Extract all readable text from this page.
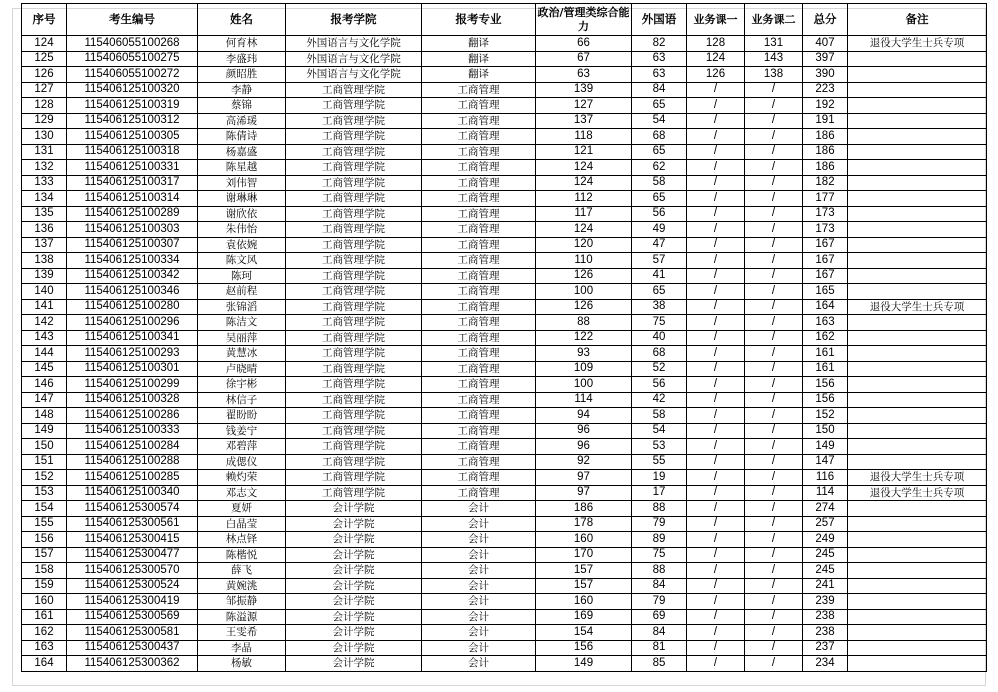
序号	考生编号	姓名	报考学院	报考专业	政治/管理类综合能力	外国语	业务课一	业务课二	总分	备注
124	115406055100268	何育林	外国语言与文化学院	翻译	66	82	128	131	407	退役大学生士兵专项
125	115406055100275	李盛玮	外国语言与文化学院	翻译	67	63	124	143	397	
126	115406055100272	颜昭胜	外国语言与文化学院	翻译	63	63	126	138	390	
127	115406125100320	李静	工商管理学院	工商管理	139	84	/	/	223	
128	115406125100319	蔡锦	工商管理学院	工商管理	127	65	/	/	192	
129	115406125100312	高浠瑗	工商管理学院	工商管理	137	54	/	/	191	
130	115406125100305	陈倩诗	工商管理学院	工商管理	118	68	/	/	186	
131	115406125100318	杨嘉盛	工商管理学院	工商管理	121	65	/	/	186	
132	115406125100331	陈星越	工商管理学院	工商管理	124	62	/	/	186	
133	115406125100317	刘伟智	工商管理学院	工商管理	124	58	/	/	182	
134	115406125100314	谢琳琳	工商管理学院	工商管理	112	65	/	/	177	
135	115406125100289	谢欣依	工商管理学院	工商管理	117	56	/	/	173	
136	115406125100303	朱伟怡	工商管理学院	工商管理	124	49	/	/	173	
137	115406125100307	袁依婉	工商管理学院	工商管理	120	47	/	/	167	
138	115406125100334	陈文风	工商管理学院	工商管理	110	57	/	/	167	
139	115406125100342	陈珂	工商管理学院	工商管理	126	41	/	/	167	
140	115406125100346	赵前程	工商管理学院	工商管理	100	65	/	/	165	
141	115406125100280	张锦滔	工商管理学院	工商管理	126	38	/	/	164	退役大学生士兵专项
142	115406125100296	陈洁文	工商管理学院	工商管理	88	75	/	/	163	
143	115406125100341	吴丽萍	工商管理学院	工商管理	122	40	/	/	162	
144	115406125100293	黄慧冰	工商管理学院	工商管理	93	68	/	/	161	
145	115406125100301	卢晓晴	工商管理学院	工商管理	109	52	/	/	161	
146	115406125100299	徐宇彬	工商管理学院	工商管理	100	56	/	/	156	
147	115406125100328	林信子	工商管理学院	工商管理	114	42	/	/	156	
148	115406125100286	翟盼盼	工商管理学院	工商管理	94	58	/	/	152	
149	115406125100333	钱姜宁	工商管理学院	工商管理	96	54	/	/	150	
150	115406125100284	邓碧萍	工商管理学院	工商管理	96	53	/	/	149	
151	115406125100288	成偲仪	工商管理学院	工商管理	92	55	/	/	147	
152	115406125100285	赖灼荣	工商管理学院	工商管理	97	19	/	/	116	退役大学生士兵专项
153	115406125100340	邓志文	工商管理学院	工商管理	97	17	/	/	114	退役大学生士兵专项
154	115406125300574	夏妍	会计学院	会计	186	88	/	/	274	
155	115406125300561	白晶莹	会计学院	会计	178	79	/	/	257	
156	115406125300415	林点铎	会计学院	会计	160	89	/	/	249	
157	115406125300477	陈楷悦	会计学院	会计	170	75	/	/	245	
158	115406125300570	薛飞	会计学院	会计	157	88	/	/	245	
159	115406125300524	黄婉洮	会计学院	会计	157	84	/	/	241	
160	115406125300419	邹振静	会计学院	会计	160	79	/	/	239	
161	115406125300569	陈溢源	会计学院	会计	169	69	/	/	238	
162	115406125300581	王雯希	会计学院	会计	154	84	/	/	238	
163	115406125300437	李晶	会计学院	会计	156	81	/	/	237	
164	115406125300362	杨敏	会计学院	会计	149	85	/	/	234	
